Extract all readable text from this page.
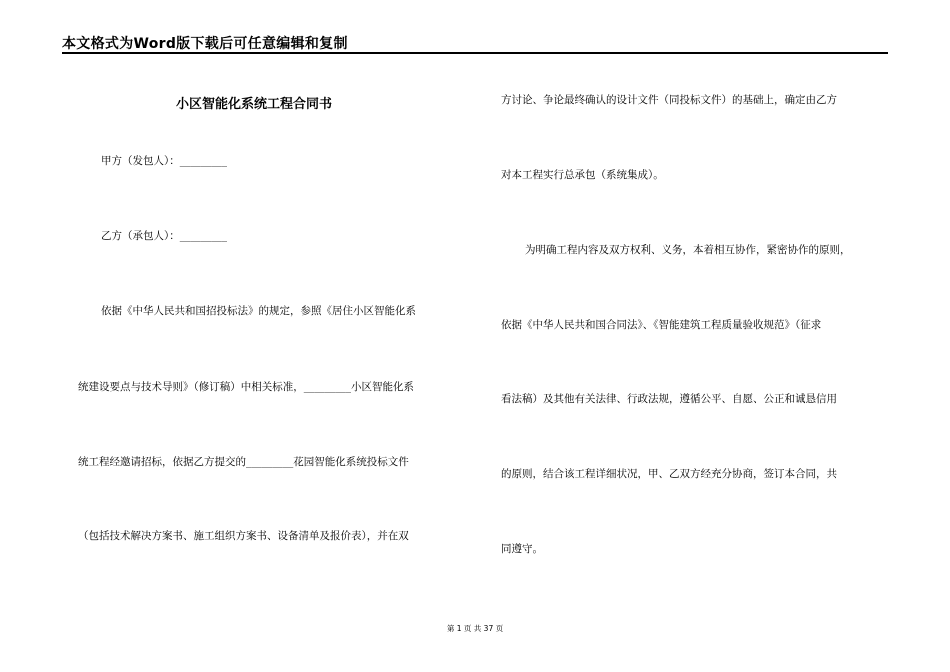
本文格式为Word版下载后可任意编辑和复制
小区智能化系统工程合同书
甲方（发包人）：_________
乙方（承包人）：_________
依据《中华人民共和国招投标法》的规定，参照《居住小区智能化系
统建设要点与技术导则》（修订稿）中相关标准，_________小区智能化系
统工程经邀请招标，依据乙方提交的_________花园智能化系统投标文件
（包括技术解决方案书、施工组织方案书、设备清单及报价表），并在双
方讨论、争论最终确认的设计文件（同投标文件）的基础上，确定由乙方
对本工程实行总承包（系统集成）。
为明确工程内容及双方权利、义务，本着相互协作，紧密协作的原则，
依据《中华人民共和国合同法》、《智能建筑工程质量验收规范》（征求
看法稿）及其他有关法律、行政法规，遵循公平、自愿、公正和诚恳信用
的原则，结合该工程详细状况，甲、乙双方经充分协商，签订本合同，共
同遵守。
第 1 页 共 37 页
